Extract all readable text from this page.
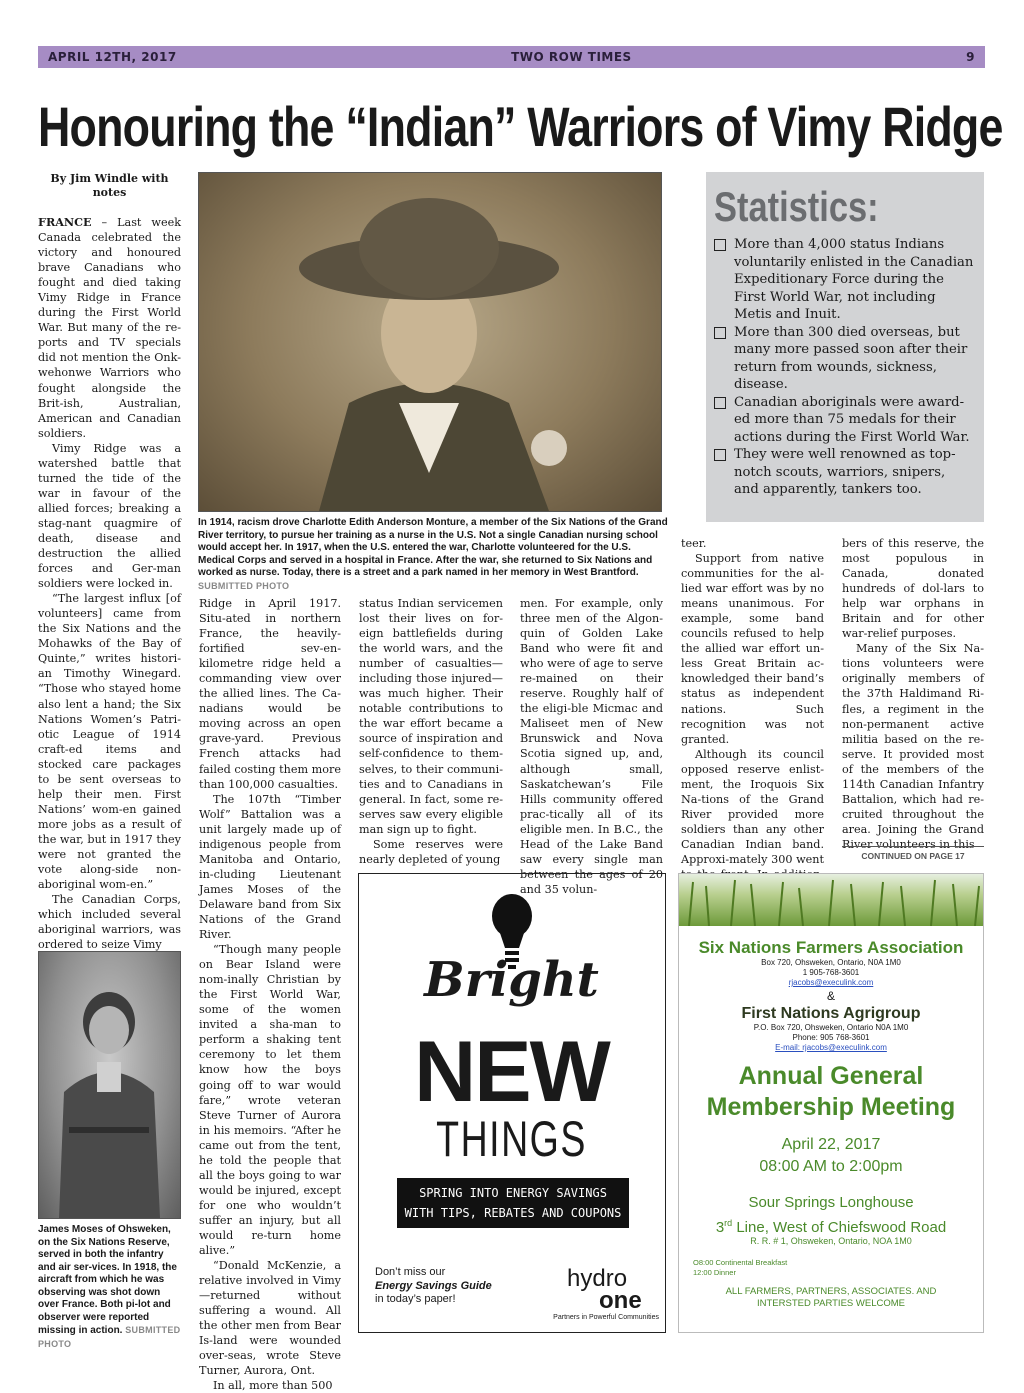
APRIL 12TH, 2017	TWO ROW TIMES	9
Honouring the “Indian” Warriors of Vimy Ridge
By Jim Windle with notes

FRANCE – Last week Canada celebrated the victory and honoured brave Canadians who fought and died taking Vimy Ridge in France during the First World War. But many of the re-ports and TV specials did not mention the Onk-wehonwe Warriors who fought alongside the Brit-ish, Australian, American and Canadian soldiers.

Vimy Ridge was a watershed battle that turned the tide of the war in favour of the allied forces; breaking a stag-nant quagmire of death, disease and destruction the allied forces and Ger-man soldiers were locked in.

“The largest influx [of volunteers] came from the Six Nations and the Mohawks of the Bay of Quinte,” writes histori-an Timothy Winegard. “Those who stayed home also lent a hand; the Six Nations Women’s Patri-otic League of 1914 craft-ed items and stocked care packages to be sent overseas to help their men. First Nations’ wom-en gained more jobs as a result of the war, but in 1917 they were not granted the vote along-side non-aboriginal wom-en.”

The Canadian Corps, which included several aboriginal warriors, was ordered to seize Vimy

James Moses of Ohsweken, on the Six Nations Reserve, served in both the infantry and air ser-vices. In 1918, the aircraft from which he was observing was shot down over France. Both pi-lot and observer were reported missing in action. SUBMITTED PHOTO
In 1914, racism drove Charlotte Edith Anderson Monture, a member of the Six Nations of the Grand River territory, to pursue her training as a nurse in the U.S. Not a single Canadian nursing school would accept her. In 1917, when the U.S. entered the war, Charlotte volunteered for the U.S. Medical Corps and served in a hospital in France. After the war, she returned to Six Nations and worked as nurse. Today, there is a street and a park named in her memory in West Brantford. SUBMITTED PHOTO

Ridge in April 1917. Situ-ated in northern France, the heavily-fortified sev-en-kilometre ridge held a commanding view over the allied lines. The Ca-nadians would be moving across an open grave-yard. Previous French attacks had failed costing them more than 100,000 casualties.

The 107th “Timber Wolf” Battalion was a unit largely made up of indigenous people from Manitoba and Ontario, in-cluding Lieutenant James Moses of the Delaware band from Six Nations of the Grand River.

“Though many people on Bear Island were nom-inally Christian by the First World War, some of the women invited a sha-man to perform a shaking tent ceremony to let them know how the boys going off to war would fare,” wrote veteran Steve Turner of Aurora in his memoirs. “After he came out from the tent, he told the people that all the boys going to war would be injured, except for one who wouldn’t suffer an injury, but all would re-turn home alive.”

“Donald McKenzie, a relative involved in Vimy—returned without suffering a wound. All the other men from Bear Is-land were wounded over-seas, wrote Steve Turner, Aurora, Ont.

In all, more than 500

status Indian servicemen lost their lives on for-eign battlefields during the world wars, and the number of casualties—including those injured—was much higher. Their notable contributions to the war effort became a source of inspiration and self-confidence to them-selves, to their communi-ties and to Canadians in general. In fact, some re-serves saw every eligible man sign up to fight.

Some reserves were nearly depleted of young

men. For example, only three men of the Algon-quin of Golden Lake Band who were fit and who were of age to serve re-mained on their reserve. Roughly half of the eligi-ble Micmac and Maliseet men of New Brunswick and Nova Scotia signed up, and, although small, Saskatchewan’s File Hills community offered prac-tically all of its eligible men. In B.C., the Head of the Lake Band saw every single man between the ages of 20 and 35 volun-

Statistics:
More than 4,000 status Indians voluntarily enlisted in the Canadian Expeditionary Force during the First World War, not including Metis and Inuit.
More than 300 died overseas, but many more passed soon after their return from wounds, sickness, disease.
Canadian aboriginals were award-ed more than 75 medals for their actions during the First World War.
They were well renowned as top-notch scouts, warriors, snipers, and apparently, tankers too.

teer.

Support from native communities for the al-lied war effort was by no means unanimous. For example, some band councils refused to help the allied war effort un-less Great Britain ac-knowledged their band’s status as independent nations. Such recognition was not granted.

Although its council opposed reserve enlist-ment, the Iroquois Six Na-tions of the Grand River provided more soldiers than any other Canadian Indian band. Approxi-mately 300 went

bers of this reserve, the most populous in Canada, donated hundreds of dol-lars to help war orphans in Britain and for other war-relief purposes.

Many of the Six Na-tions volunteers were originally members of the 37th Haldimand Ri-fles, a regiment in the non-permanent active militia based on the re-serve. It provided most of the members of the 114th Canadian Infantry Battalion, which had re-cruited throughout the area. Joining the Grand River volunteers in this

CONTINUED ON PAGE 17
Bright
NEW
THINGS
SPRING INTO ENERGY SAVINGS
WITH TIPS, REBATES AND COUPONS
Don’t miss our
Energy Savings Guide
in today’s paper!
hydro
one
Partners in Powerful Communities
Six Nations Farmers Association
Box 720, Ohsweken, Ontario, N0A 1M0
1 905-768-3601
rjacobs@execulink.com
&
First Nations Agrigroup
P.O. Box 720, Ohsweken, Ontario N0A 1M0
Phone: 905 768-3601
E-mail: rjacobs@execulink.com
Annual General
Membership Meeting
April 22, 2017
08:00 AM to 2:00pm
Sour Springs Longhouse
3rd Line, West of Chiefswood Road
R. R. # 1, Ohsweken, Ontario, NOA 1M0
O8:00 Continental Breakfast
12:00 Dinner
ALL FARMERS, PARTNERS, ASSOCIATES. AND INTERSTED PARTIES WELCOME
